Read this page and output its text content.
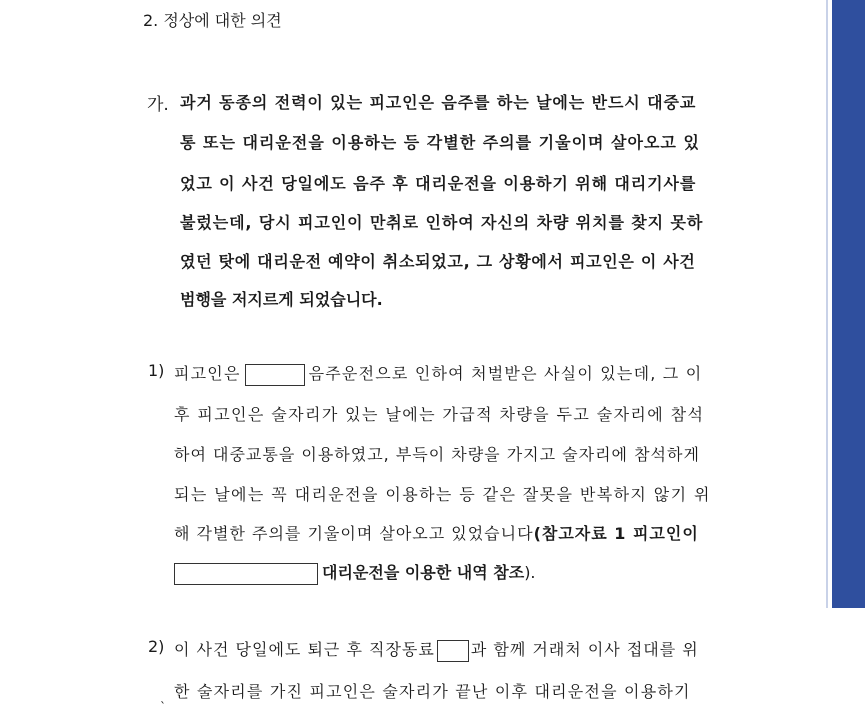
2. 정상에 대한 의견
가. 과거 동종의 전력이 있는 피고인은 음주를 하는 날에는 반드시 대중교
통 또는 대리운전을 이용하는 등 각별한 주의를 기울이며 살아오고 있
었고 이 사건 당일에도 음주 후 대리운전을 이용하기 위해 대리기사를
불렀는데, 당시 피고인이 만취로 인하여 자신의 차량 위치를 찾지 못하
였던 탓에 대리운전 예약이 취소되었고, 그 상황에서 피고인은 이 사건
범행을 저지르게 되었습니다.
1) 피고인은	음주운전으로 인하여 처벌받은 사실이 있는데, 그 이
후 피고인은 술자리가 있는 날에는 가급적 차량을 두고 술자리에 참석
하여 대중교통을 이용하였고, 부득이 차량을 가지고 술자리에 참석하게
되는 날에는 꼭 대리운전을 이용하는 등 같은 잘못을 반복하지 않기 위
해 각별한 주의를 기울이며 살아오고 있었습니다(참고자료 1 피고인이
대리운전을 이용한 내역 참조).
2) 이 사건 당일에도 퇴근 후 직장동료 과 함께 거래처 이사 접대를 위
한 술자리를 가진 피고인은 술자리가 끝난 이후 대리운전을 이용하기
`
